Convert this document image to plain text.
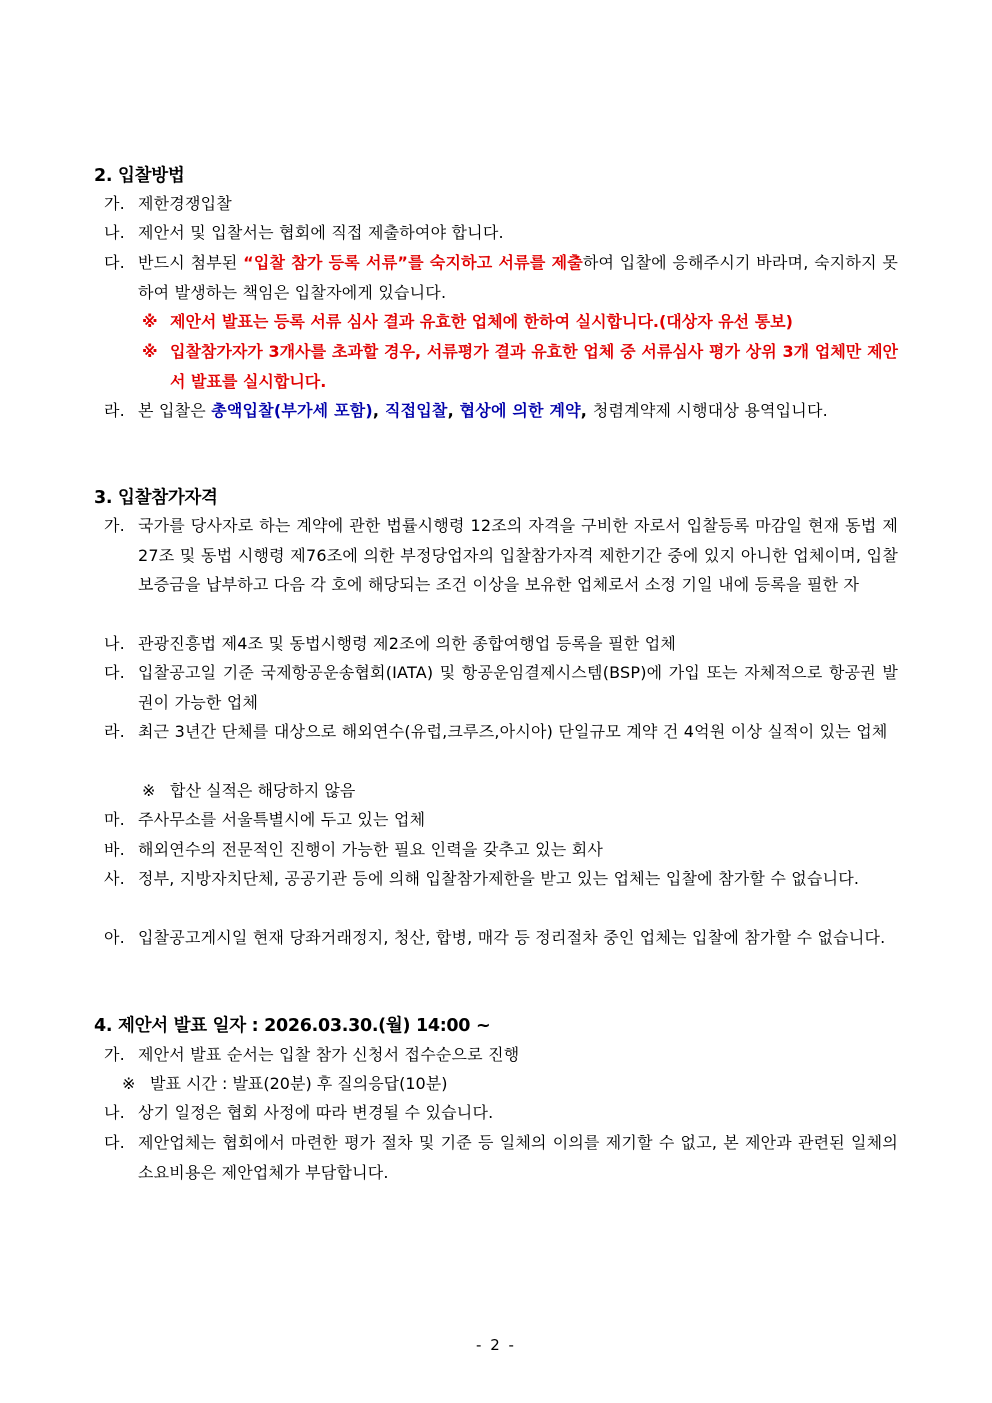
2. 입찰방법
가. 제한경쟁입찰
나. 제안서 및 입찰서는 협회에 직접 제출하여야 합니다.
다. 반드시 첨부된 “입찰 참가 등록 서류”를 숙지하고 서류를 제출하여 입찰에 응해주시기 바라며, 숙지하지 못하여 발생하는 책임은 입찰자에게 있습니다.
※ 제안서 발표는 등록 서류 심사 결과 유효한 업체에 한하여 실시합니다.(대상자 유선 통보)
※ 입찰참가자가 3개사를 초과할 경우, 서류평가 결과 유효한 업체 중 서류심사 평가 상위 3개 업체만 제안서 발표를 실시합니다.
라. 본 입찰은 총액입찰(부가세 포함), 직접입찰, 협상에 의한 계약, 청렴계약제 시행대상 용역입니다.
3. 입찰참가자격
가. 국가를 당사자로 하는 계약에 관한 법률시행령 12조의 자격을 구비한 자로서 입찰등록 마감일 현재 동법 제27조 및 동법 시행령 제76조에 의한 부정당업자의 입찰참가자격 제한기간 중에 있지 아니한 업체이며, 입찰보증금을 납부하고 다음 각 호에 해당되는 조건 이상을 보유한 업체로서 소정 기일 내에 등록을 필한 자
나. 관광진흥법 제4조 및 동법시행령 제2조에 의한 종합여행업 등록을 필한 업체
다. 입찰공고일 기준 국제항공운송협회(IATA) 및 항공운임결제시스템(BSP)에 가입 또는 자체적으로 항공권 발권이 가능한 업체
라. 최근 3년간 단체를 대상으로 해외연수(유럽,크루즈,아시아) 단일규모 계약 건 4억원 이상 실적이 있는 업체
※ 합산 실적은 해당하지 않음
마. 주사무소를 서울특별시에 두고 있는 업체
바. 해외연수의 전문적인 진행이 가능한 필요 인력을 갖추고 있는 회사
사. 정부, 지방자치단체, 공공기관 등에 의해 입찰참가제한을 받고 있는 업체는 입찰에 참가할 수 없습니다.
아. 입찰공고게시일 현재 당좌거래정지, 청산, 합병, 매각 등 정리절차 중인 업체는 입찰에 참가할 수 없습니다.
4. 제안서 발표 일자 : 2026.03.30.(월) 14:00 ~
가. 제안서 발표 순서는 입찰 참가 신청서 접수순으로 진행
※ 발표 시간 : 발표(20분) 후 질의응답(10분)
나. 상기 일정은 협회 사정에 따라 변경될 수 있습니다.
다. 제안업체는 협회에서 마련한 평가 절차 및 기준 등 일체의 이의를 제기할 수 없고, 본 제안과 관련된 일체의 소요비용은 제안업체가 부담합니다.
- 2 -
